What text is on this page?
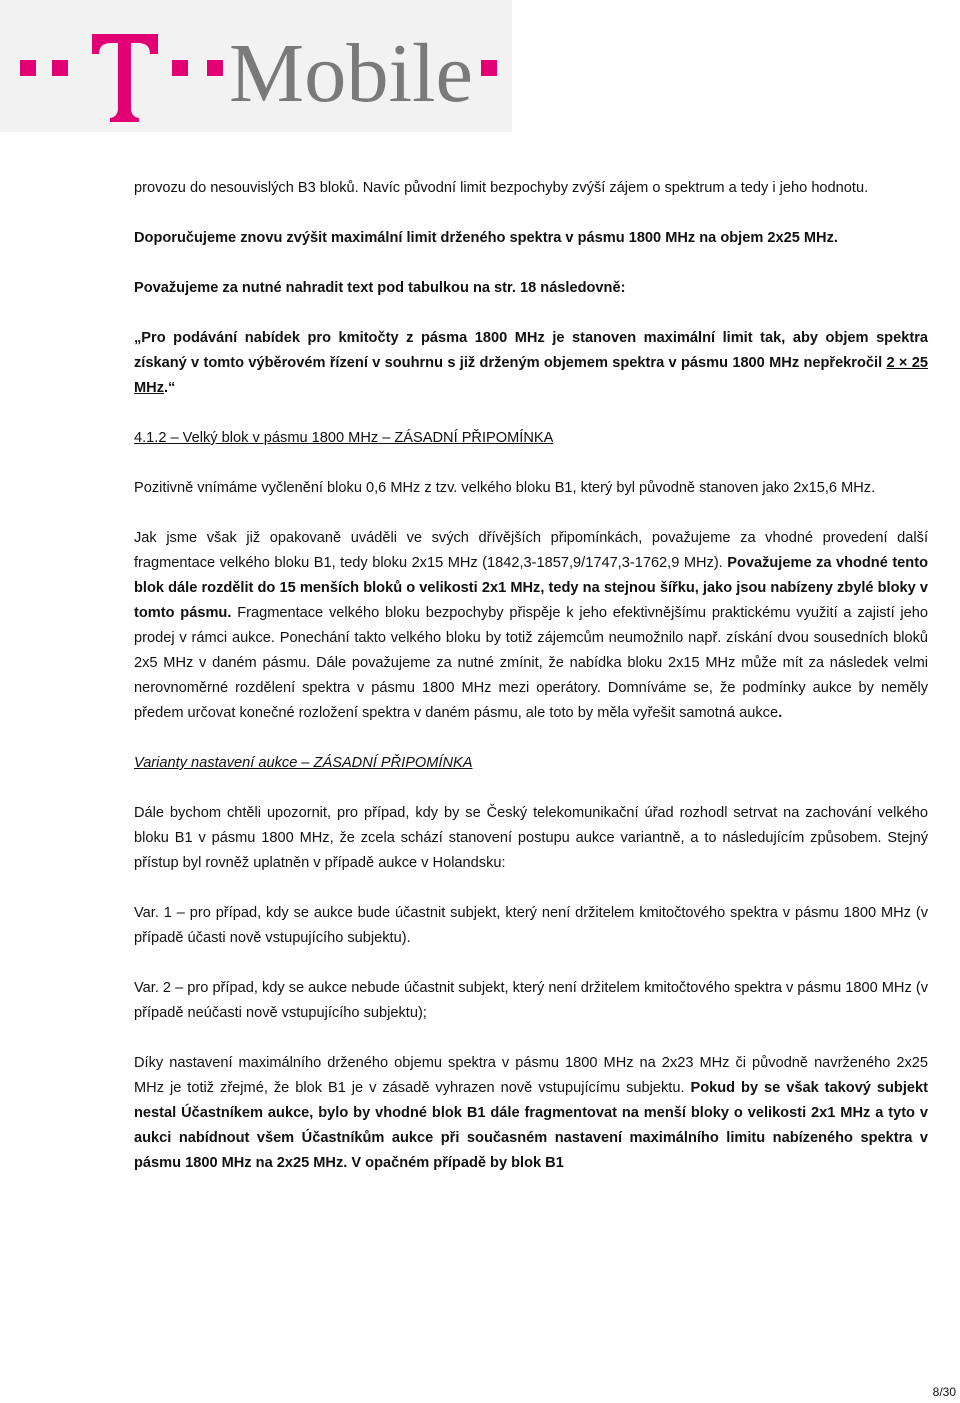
Mobile

provozu do nesouvislých B3 bloků. Navíc původní limit bezpochyby zvýší zájem o spektrum a tedy i jeho hodnotu.

Doporučujeme znovu zvýšit maximální limit drženého spektra v pásmu 1800 MHz na objem 2x25 MHz.

Považujeme za nutné nahradit text pod tabulkou na str. 18 následovně:

„Pro podávání nabídek pro kmitočty z pásma 1800 MHz je stanoven maximální limit tak, aby objem spektra získaný v tomto výběrovém řízení v souhrnu s již drženým objemem spektra v pásmu 1800 MHz nepřekročil 2 × 25 MHz.“

4.1.2 – Velký blok v pásmu 1800 MHz – ZÁSADNÍ PŘIPOMÍNKA

Pozitivně vnímáme vyčlenění bloku 0,6 MHz z tzv. velkého bloku B1, který byl původně stanoven jako 2x15,6 MHz.

Jak jsme však již opakovaně uváděli ve svých dřívějších připomínkách, považujeme za vhodné provedení další fragmentace velkého bloku B1, tedy bloku 2x15 MHz (1842,3-1857,9/1747,3-1762,9 MHz). Považujeme za vhodné tento blok dále rozdělit do 15 menších bloků o velikosti 2x1 MHz, tedy na stejnou šířku, jako jsou nabízeny zbylé bloky v tomto pásmu. Fragmentace velkého bloku bezpochyby přispěje k jeho efektivnějšímu praktickému využití a zajistí jeho prodej v rámci aukce. Ponechání takto velkého bloku by totiž zájemcům neumožnilo např. získání dvou sousedních bloků 2x5 MHz v daném pásmu. Dále považujeme za nutné zmínit, že nabídka bloku 2x15 MHz může mít za následek velmi nerovnoměrné rozdělení spektra v pásmu 1800 MHz mezi operátory. Domníváme se, že podmínky aukce by neměly předem určovat konečné rozložení spektra v daném pásmu, ale toto by měla vyřešit samotná aukce.

Varianty nastavení aukce – ZÁSADNÍ PŘIPOMÍNKA

Dále bychom chtěli upozornit, pro případ, kdy by se Český telekomunikační úřad rozhodl setrvat na zachování velkého bloku B1 v pásmu 1800 MHz, že zcela schází stanovení postupu aukce variantně, a to následujícím způsobem. Stejný přístup byl rovněž uplatněn v případě aukce v Holandsku:

Var. 1 – pro případ, kdy se aukce bude účastnit subjekt, který není držitelem kmitočtového spektra v pásmu 1800 MHz (v případě účasti nově vstupujícího subjektu).

Var. 2 – pro případ, kdy se aukce nebude účastnit subjekt, který není držitelem kmitočtového spektra v pásmu 1800 MHz (v případě neúčasti nově vstupujícího subjektu);

Díky nastavení maximálního drženého objemu spektra v pásmu 1800 MHz na 2x23 MHz či původně navrženého 2x25 MHz je totiž zřejmé, že blok B1 je v zásadě vyhrazen nově vstupujícímu subjektu. Pokud by se však takový subjekt nestal Účastníkem aukce, bylo by vhodné blok B1 dále fragmentovat na menší bloky o velikosti 2x1 MHz a tyto v aukci nabídnout všem Účastníkům aukce při současném nastavení maximálního limitu nabízeného spektra v pásmu 1800 MHz na 2x25 MHz. V opačném případě by blok B1

8/30
